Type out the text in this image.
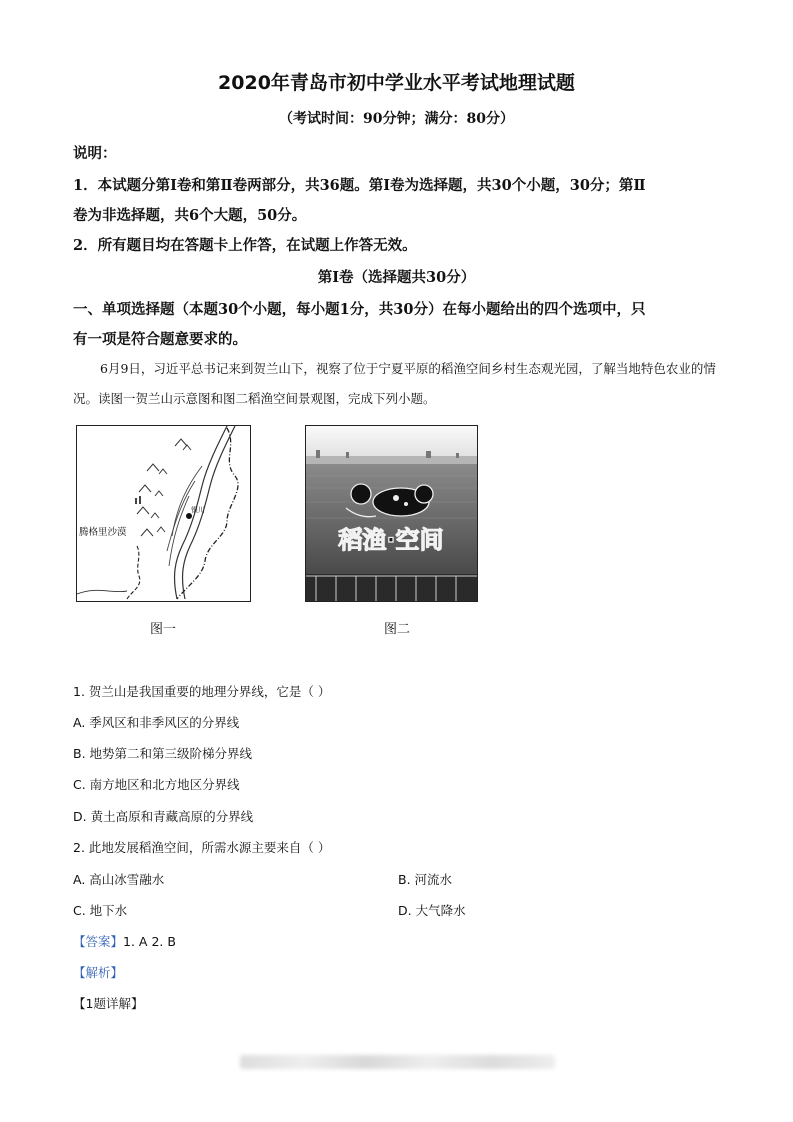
2020年青岛市初中学业水平考试地理试题
（考试时间：90分钟；满分：80分）
说明：
1．本试题分第Ⅰ卷和第Ⅱ卷两部分，共36题。第Ⅰ卷为选择题，共30个小题，30分；第Ⅱ
卷为非选择题，共6个大题，50分。
2．所有题目均在答题卡上作答，在试题上作答无效。
第Ⅰ卷（选择题共30分）
一、单项选择题（本题30个小题，每小题1分，共30分）在每小题给出的四个选项中，只
有一项是符合题意要求的。
6月9日，习近平总书记来到贺兰山下，视察了位于宁夏平原的稻渔空间乡村生态观光园，了解当地特色农业的情况。读图一贺兰山示意图和图二稻渔空间景观图，完成下列小题。
银川
腾格里沙漠
图一
稻渔·空间
图二
1. 贺兰山是我国重要的地理分界线，它是（ ）
A. 季风区和非季风区的分界线
B. 地势第二和第三级阶梯分界线
C. 南方地区和北方地区分界线
D. 黄土高原和青藏高原的分界线
2. 此地发展稻渔空间，所需水源主要来自（ ）
A. 高山冰雪融水	B. 河流水
C. 地下水	D. 大气降水
【答案】1. A 2. B
【解析】
【1题详解】
